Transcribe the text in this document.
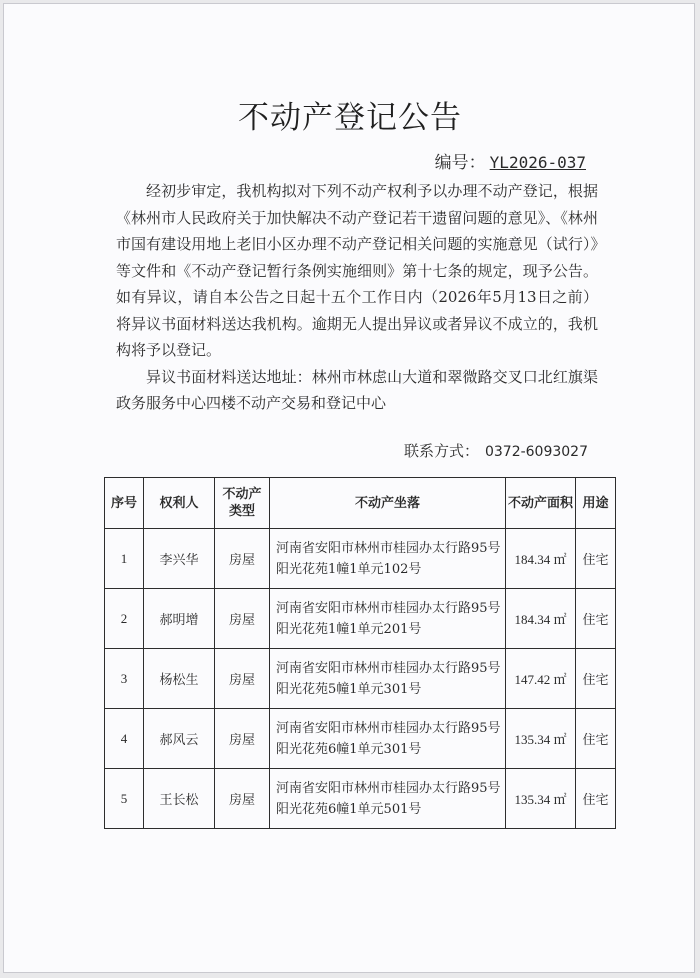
不动产登记公告
编号： YL2026-037

经初步审定，我机构拟对下列不动产权利予以办理不动产登记，根据《林州市人民政府关于加快解决不动产登记若干遗留问题的意见》、《林州市国有建设用地上老旧小区办理不动产登记相关问题的实施意见（试行）》等文件和《不动产登记暂行条例实施细则》第十七条的规定，现予公告。如有异议，请自本公告之日起十五个工作日内（2026年5月13日之前）将异议书面材料送达我机构。逾期无人提出异议或者异议不成立的，我机构将予以登记。

异议书面材料送达地址：林州市林虑山大道和翠微路交叉口北红旗渠政务服务中心四楼不动产交易和登记中心

联系方式： 0372-6093027
序号	权利人	不动产类型	不动产坐落	不动产面积	用途
1	李兴华	房屋	河南省安阳市林州市桂园办太行路95号阳光花苑1幢1单元102号	184.34 ㎡	住宅
2	郝明增	房屋	河南省安阳市林州市桂园办太行路95号阳光花苑1幢1单元201号	184.34 ㎡	住宅
3	杨松生	房屋	河南省安阳市林州市桂园办太行路95号阳光花苑5幢1单元301号	147.42 ㎡	住宅
4	郝风云	房屋	河南省安阳市林州市桂园办太行路95号阳光花苑6幢1单元301号	135.34 ㎡	住宅
5	王长松	房屋	河南省安阳市林州市桂园办太行路95号阳光花苑6幢1单元501号	135.34 ㎡	住宅
